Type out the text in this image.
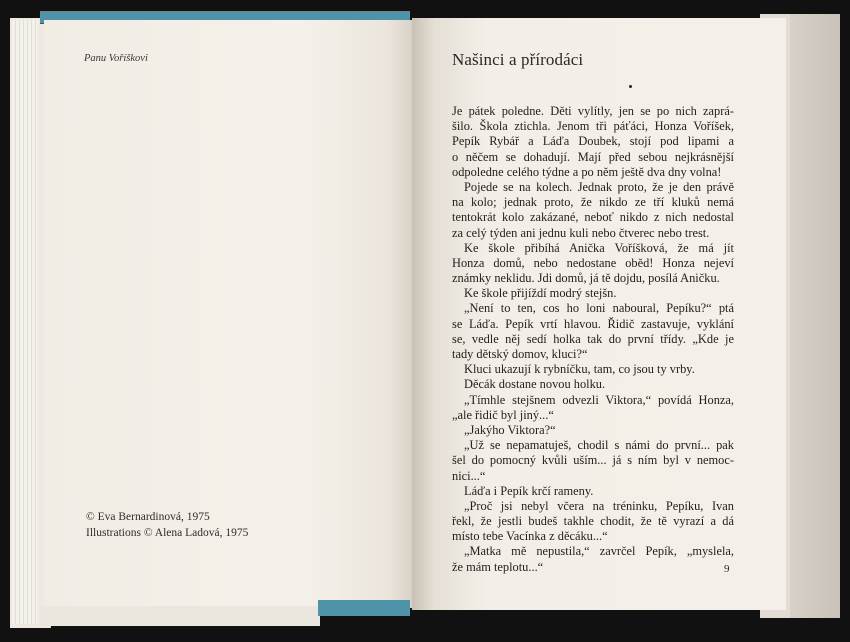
Panu Voříškovi
© Eva Bernardinová, 1975
Illustrations © Alena Ladová, 1975
Našinci a přírodáci
Je pátek poledne. Děti vylítly, jen se po nich zaprá-
šilo. Škola ztichla. Jenom tři páťáci, Honza Voříšek,
Pepík Rybář a Láďa Doubek, stojí pod lipami a
o něčem se dohadují. Mají před sebou nejkrásnější
odpoledne celého týdne a po něm ještě dva dny volna!
Pojede se na kolech. Jednak proto, že je den právě
na kolo; jednak proto, že nikdo ze tří kluků nemá
tentokrát kolo zakázané, neboť nikdo z nich nedostal
za celý týden ani jednu kuli nebo čtverec nebo trest.
Ke škole přibíhá Anička Voříšková, že má jít
Honza domů, nebo nedostane oběd! Honza nejeví
známky neklidu. Jdi domů, já tě dojdu, posílá Aničku.
Ke škole přijíždí modrý stejšn.
„Není to ten, cos ho loni naboural, Pepíku?“ ptá
se Láďa. Pepík vrtí hlavou. Řidič zastavuje, vyklání
se, vedle něj sedí holka tak do první třídy. „Kde je
tady dětský domov, kluci?“
Kluci ukazují k rybníčku, tam, co jsou ty vrby.
Děcák dostane novou holku.
„Tímhle stejšnem odvezli Viktora,“ povídá Honza,
„ale řidič byl jiný...“
„Jakýho Viktora?“
„Už se nepamatuješ, chodil s námi do první... pak
šel do pomocný kvůli uším... já s ním byl v nemoc-
nici...“
Láďa i Pepík krčí rameny.
„Proč jsi nebyl včera na tréninku, Pepíku, Ivan
řekl, že jestli budeš takhle chodit, že tě vyrazí a dá
místo tebe Vacínka z děcáku...“
„Matka mě nepustila,“ zavrčel Pepík, „myslela,
že mám teplotu...“	9
